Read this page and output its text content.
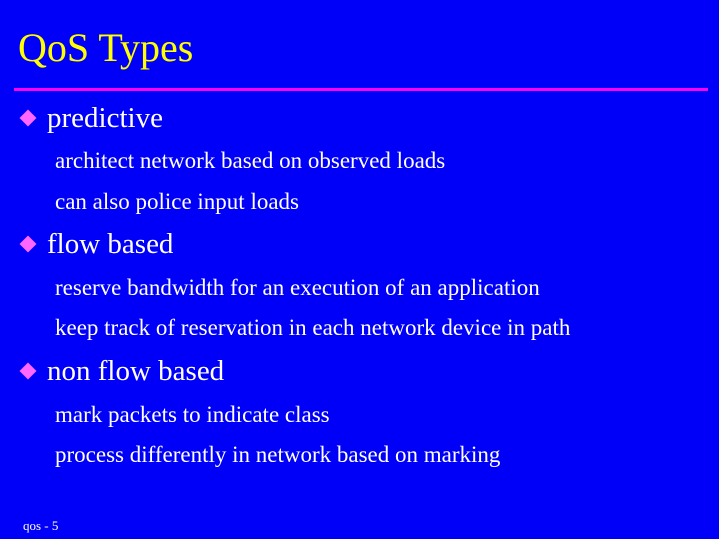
QoS Types
predictive
architect network based on observed loads
can also police input loads
flow based
reserve bandwidth for an execution of an application
keep track of reservation in each network device in path
non flow based
mark packets to indicate class
process differently in network based on marking
qos - 5
